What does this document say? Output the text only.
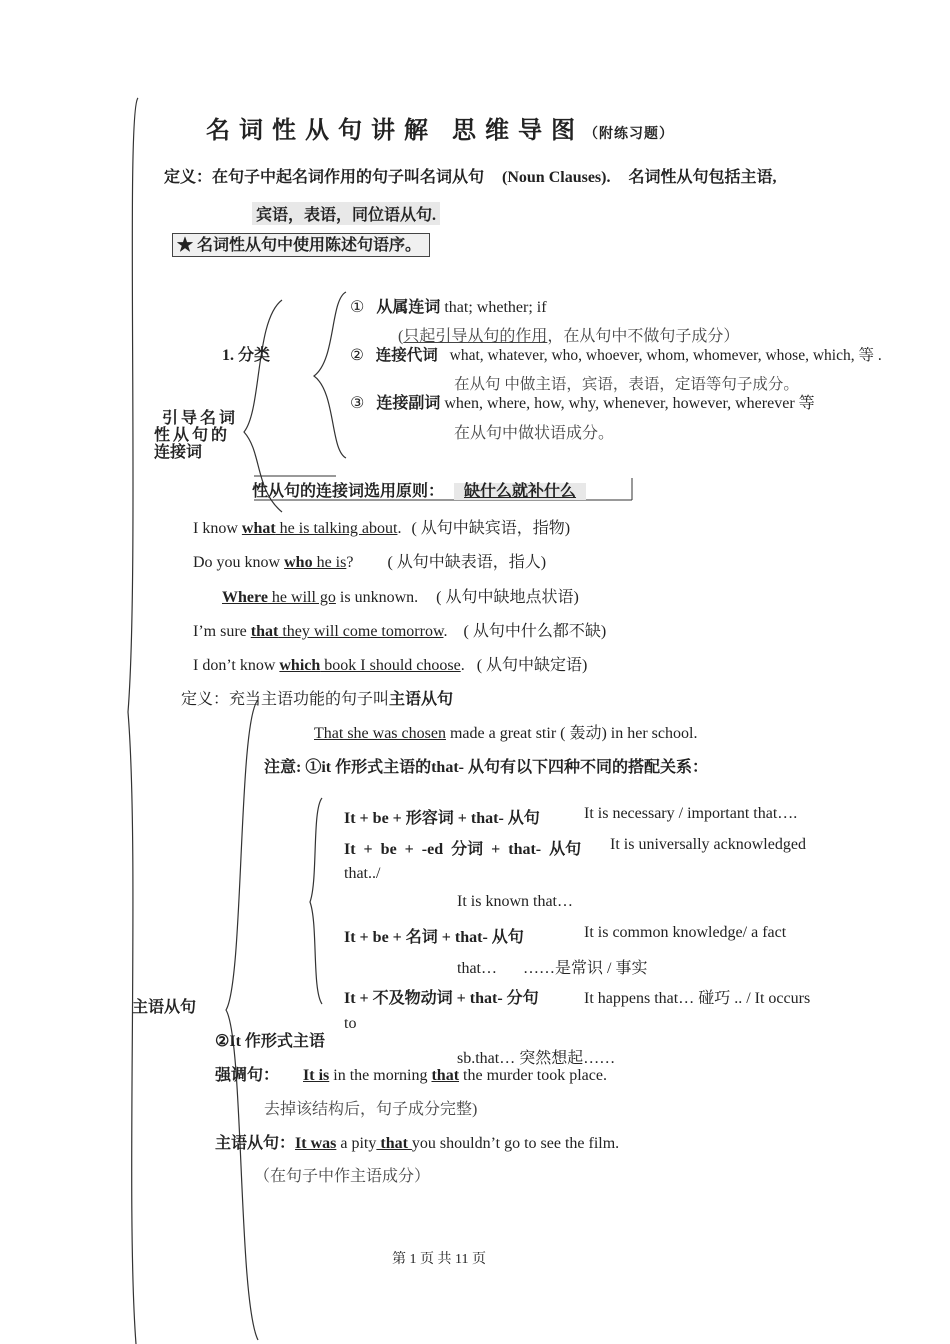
名词性从句讲解 思维导图（附练习题）
定义：在句子中起名词作用的句子叫名词从句 (Noun Clauses). 名词性从句包括主语,
宾语，表语，同位语从句.
★ 名词性从句中使用陈述句语序。
引导名词
性从句的
连接词
1. 分类
① 从属连词 that; whether; if
(只起引导从句的作用，在从句中不做句子成分）
② 连接代词 what, whatever, who, whoever, whom, whomever, whose, which, 等 .
在从句 中做主语，宾语，表语，定语等句子成分。
③ 连接副词 when, where, how, why, whenever, however, wherever 等
在从句中做状语成分。
性从句的连接词选用原则： 缺什么就补什么
I know what he is talking about. ( 从句中缺宾语，指物)
Do you know who he is? ( 从句中缺表语，指人)
Where he will go is unknown. ( 从句中缺地点状语)
I’m sure that they will come tomorrow. ( 从句中什么都不缺)
I don’t know which book I should choose. ( 从句中缺定语)
定义：充当主语功能的句子叫主语从句
That she was chosen made a great stir ( 轰动) in her school.
注意: ①it 作形式主语的that- 从句有以下四种不同的搭配关系：
主语从句
It + be + 形容词 + that- 从句	It is necessary / important that….
It + be + -ed 分词 + that- 从句 It is universally acknowledged
that../
It is known that…
It + be + 名词 + that- 从句	It is common knowledge/ a fact
that… ……是常识 / 事实
It + 不及物动词 + that- 分句	It happens that… 碰巧 .. / It occurs
to
sb.that… 突然想起……
②It 作形式主语
强调句： It is in the morning that the murder took place.
去掉该结构后，句子成分完整)
主语从句：It was a pity that you shouldn’t go to see the film.
（在句子中作主语成分）
第 1 页 共 11 页
